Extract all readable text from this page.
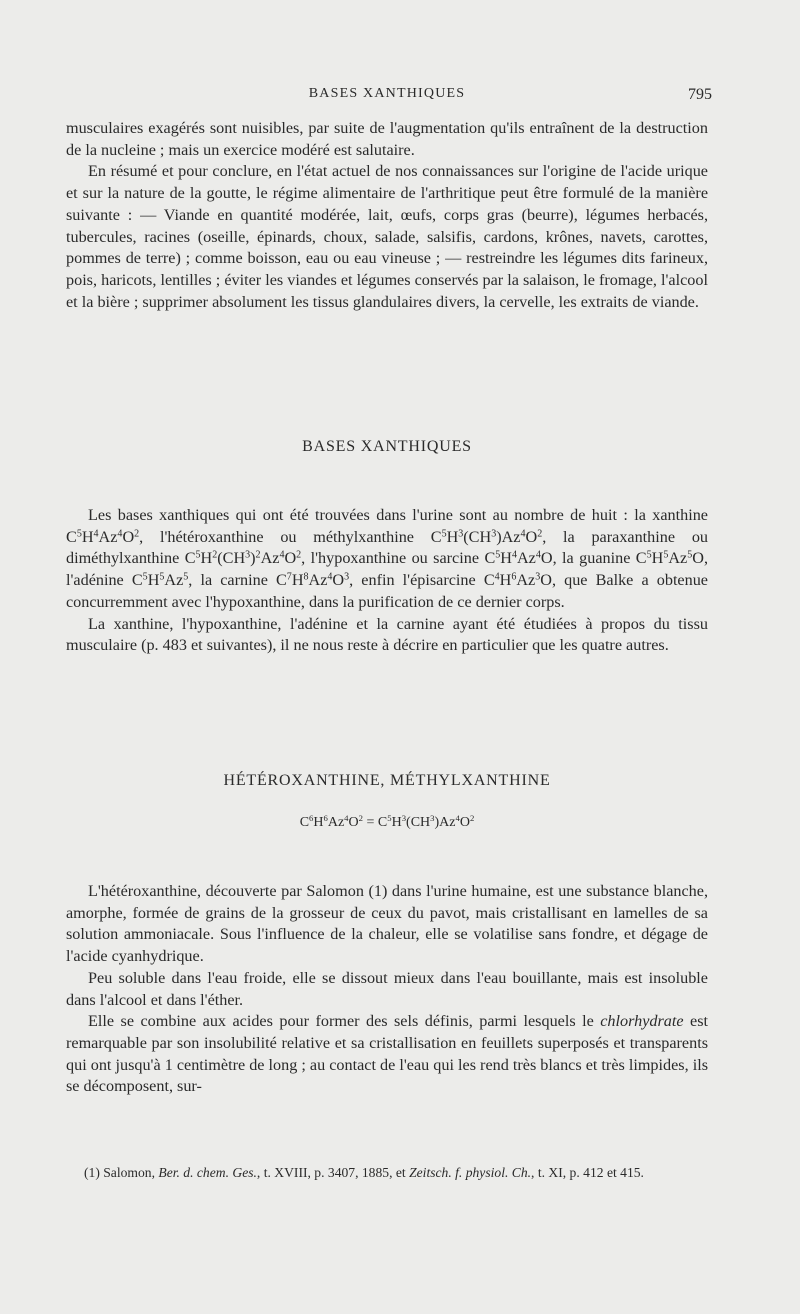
BASES XANTHIQUES	795

musculaires exagérés sont nuisibles, par suite de l'augmentation qu'ils entraînent de la destruction de la nucleine ; mais un exercice modéré est salutaire.

En résumé et pour conclure, en l'état actuel de nos connaissances sur l'origine de l'acide urique et sur la nature de la goutte, le régime alimentaire de l'arthritique peut être formulé de la manière suivante : — Viande en quantité modérée, lait, œufs, corps gras (beurre), légumes herbacés, tubercules, racines (oseille, épinards, choux, salade, salsifis, cardons, krônes, navets, carottes, pommes de terre) ; comme boisson, eau ou eau vineuse ; — restreindre les légumes dits farineux, pois, haricots, lentilles ; éviter les viandes et légumes conservés par la salaison, le fromage, l'alcool et la bière ; supprimer absolument les tissus glandulaires divers, la cervelle, les extraits de viande.

BASES XANTHIQUES

Les bases xanthiques qui ont été trouvées dans l'urine sont au nombre de huit : la xanthine $C^5H^4Az^4O^2$, l'hétéroxanthine ou méthylxanthine $C^5H^3(CH^3)Az^4O^2$, la paraxanthine ou diméthylxanthine $C^5H^2(CH^3)^2Az^4O^2$, l'hypoxanthine ou sarcine $C^5H^4Az^4O$, la guanine $C^5H^5Az^5O$, l'adénine $C^5H^5Az^5$, la carnine $C^7H^8Az^4O^3$, enfin l'épisarcine $C^4H^6Az^3O$, que Balke a obtenue concurremment avec l'hypoxanthine, dans la purification de ce dernier corps.

La xanthine, l'hypoxanthine, l'adénine et la carnine ayant été étudiées à propos du tissu musculaire (p. 483 et suivantes), il ne nous reste à décrire en particulier que les quatre autres.

HÉTÉROXANTHINE, MÉTHYLXANTHINE
$C^6H^6Az^4O^2 = C^5H^3(CH^3)Az^4O^2$

L'hétéroxanthine, découverte par Salomon (1) dans l'urine humaine, est une substance blanche, amorphe, formée de grains de la grosseur de ceux du pavot, mais cristallisant en lamelles de sa solution ammoniacale. Sous l'influence de la chaleur, elle se volatilise sans fondre, et dégage de l'acide cyanhydrique.

Peu soluble dans l'eau froide, elle se dissout mieux dans l'eau bouillante, mais est insoluble dans l'alcool et dans l'éther.

Elle se combine aux acides pour former des sels définis, parmi lesquels le chlorhydrate est remarquable par son insolubilité relative et sa cristallisation en feuillets superposés et transparents qui ont jusqu'à 1 centimètre de long ; au contact de l'eau qui les rend très blancs et très limpides, ils se décomposent, sur-

(1) Salomon, Ber. d. chem. Ges., t. XVIII, p. 3407, 1885, et Zeitsch. f. physiol. Ch., t. XI, p. 412 et 415.
